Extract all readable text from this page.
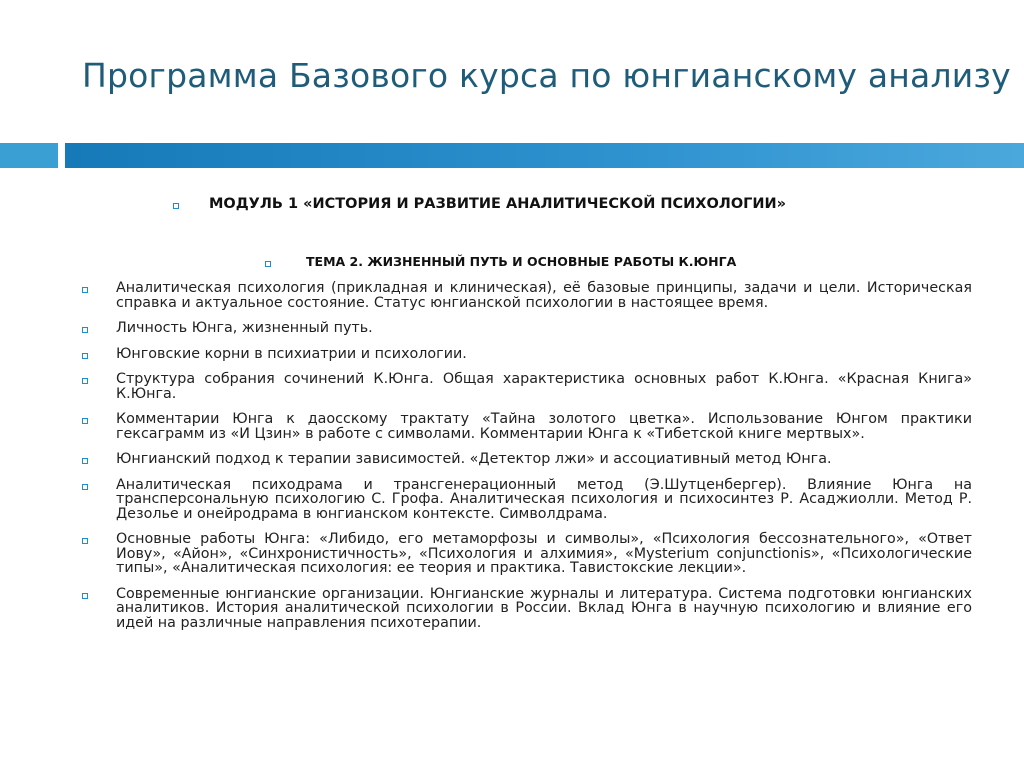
Программа Базового курса по юнгианскому анализу
МОДУЛЬ 1 «ИСТОРИЯ И РАЗВИТИЕ АНАЛИТИЧЕСКОЙ ПСИХОЛОГИИ»
ТЕМА 2. ЖИЗНЕННЫЙ ПУТЬ И ОСНОВНЫЕ РАБОТЫ К.ЮНГА
Аналитическая психология (прикладная и клиническая), её базовые принципы, задачи и цели. Историческая справка и актуальное состояние. Статус юнгианской психологии в настоящее время.
Личность Юнга, жизненный путь.
Юнговские корни в психиатрии и психологии.
Структура собрания сочинений К.Юнга. Общая характеристика основных работ К.Юнга. «Красная Книга» К.Юнга.
Комментарии Юнга к даосскому трактату «Тайна золотого цветка». Использование Юнгом практики гексаграмм из «И Цзин» в работе с символами. Комментарии Юнга к «Тибетской книге мертвых».
Юнгианский подход к терапии зависимостей. «Детектор лжи» и ассоциативный метод Юнга.
Аналитическая психодрама и трансгенерационный метод (Э.Шутценбергер). Влияние Юнга на трансперсональную психологию С. Грофа. Аналитическая психология и психосинтез Р. Асаджиолли. Метод Р. Дезолье и онейродрама в юнгианском контексте. Символдрама.
Основные работы Юнга: «Либидо, его метаморфозы и символы», «Психология бессознательного», «Ответ Иову», «Айон», «Синхронистичность», «Психология и алхимия», «Mysterium conjunctionis», «Психологические типы», «Аналитическая психология: ее теория и практика. Тавистокские лекции».
Современные юнгианские организации. Юнгианские журналы и литература. Система подготовки юнгианских аналитиков. История аналитической психологии в России. Вклад Юнга в научную психологию и влияние его идей на различные направления психотерапии.
